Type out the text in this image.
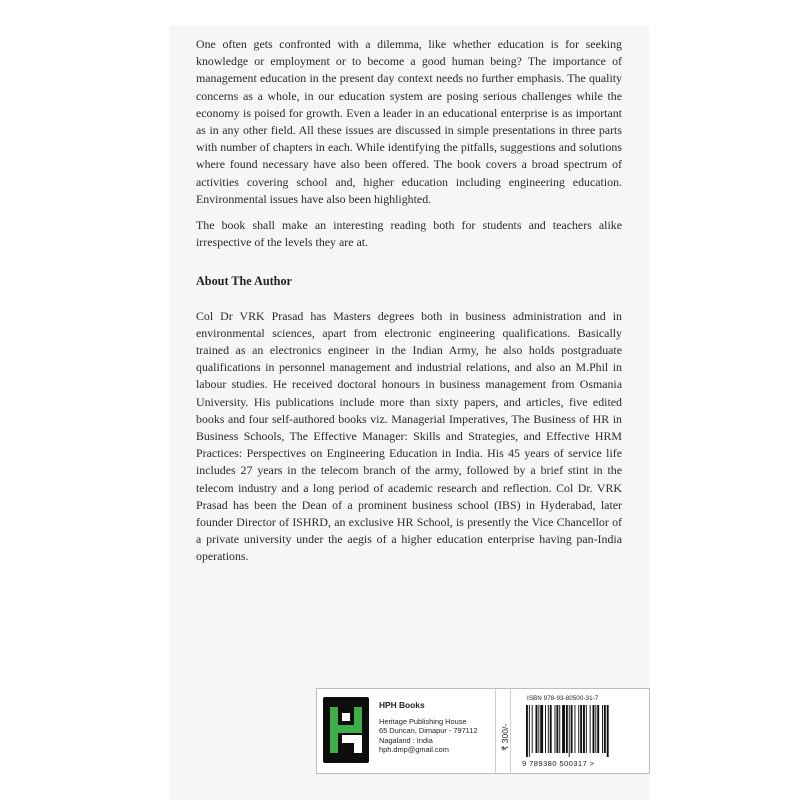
One often gets confronted with a dilemma, like whether education is for seeking knowledge or employment or to become a good human being? The importance of management education in the present day context needs no further emphasis. The quality concerns as a whole, in our education system are posing serious challenges while the economy is poised for growth. Even a leader in an educational enterprise is as important as in any other field. All these issues are discussed in simple presentations in three parts with number of chapters in each. While identifying the pitfalls, suggestions and solutions where found necessary have also been offered. The book covers a broad spectrum of activities covering school and, higher education including engineering education. Environmental issues have also been highlighted.

The book shall make an interesting reading both for students and teachers alike irrespective of the levels they are at.

About The Author

Col Dr VRK Prasad has Masters degrees both in business administration and in environmental sciences, apart from electronic engineering qualifications. Basically trained as an electronics engineer in the Indian Army, he also holds postgraduate qualifications in personnel management and industrial relations, and also an M.Phil in labour studies. He received doctoral honours in business management from Osmania University. His publications include more than sixty papers, and articles, five edited books and four self-authored books viz. Managerial Imperatives, The Business of HR in Business Schools, The Effective Manager: Skills and Strategies, and Effective HRM Practices: Perspectives on Engineering Education in India. His 45 years of service life includes 27 years in the telecom branch of the army, followed by a brief stint in the telecom industry and a long period of academic research and reflection. Col Dr. VRK Prasad has been the Dean of a prominent business school (IBS) in Hyderabad, later founder Director of ISHRD, an exclusive HR School, is presently the Vice Chancellor of a private university under the aegis of a higher education enterprise having pan-India operations.

HPH Books
Heritage Publishing House
65 Duncan, Dimapur - 797112
Nagaland : India
hph.dmp@gmail.com	₹ 300/-
ISBN 978-93-80500-31-7
9 789380 500317 >
